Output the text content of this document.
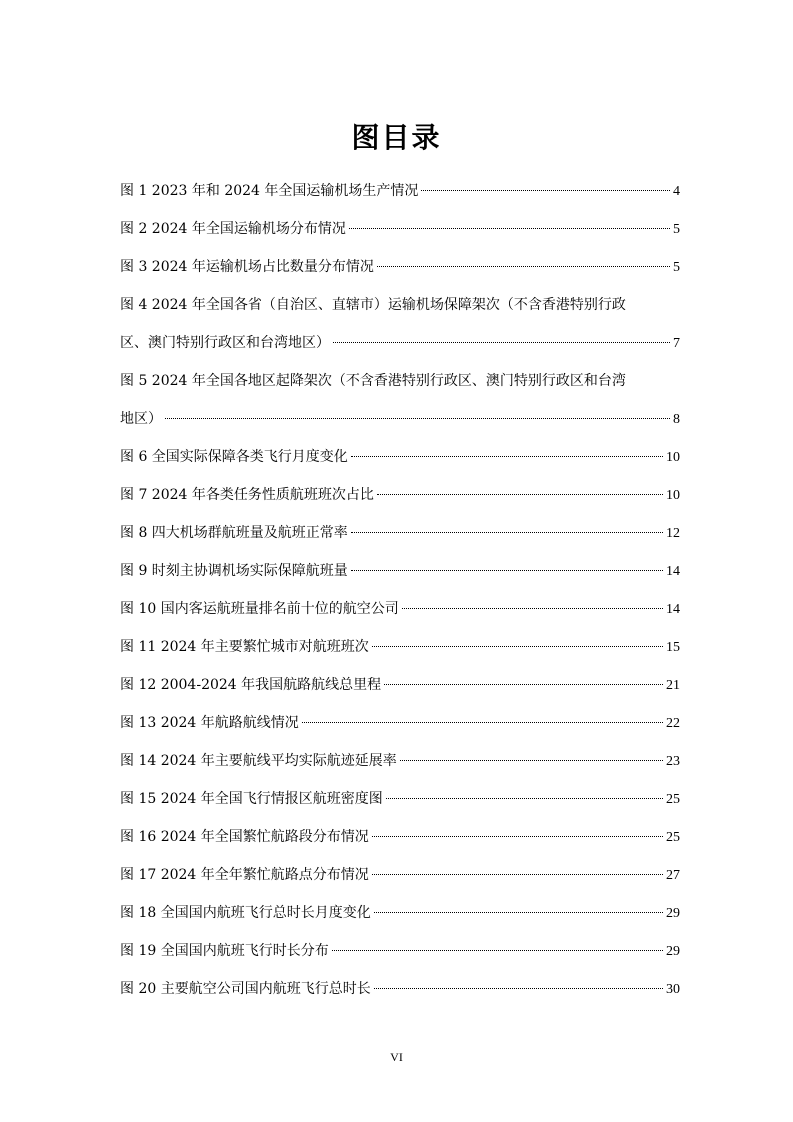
图目录
图 1 2023 年和 2024 年全国运输机场生产情况	4
图 2 2024 年全国运输机场分布情况	5
图 3 2024 年运输机场占比数量分布情况	5
图 4 2024 年全国各省（自治区、直辖市）运输机场保障架次（不含香港特别行政
区、澳门特别行政区和台湾地区）	7
图 5 2024 年全国各地区起降架次（不含香港特别行政区、澳门特别行政区和台湾
地区）	8
图 6 全国实际保障各类飞行月度变化	10
图 7 2024 年各类任务性质航班班次占比	10
图 8 四大机场群航班量及航班正常率	12
图 9 时刻主协调机场实际保障航班量	14
图 10 国内客运航班量排名前十位的航空公司	14
图 11 2024 年主要繁忙城市对航班班次	15
图 12 2004-2024 年我国航路航线总里程	21
图 13 2024 年航路航线情况	22
图 14 2024 年主要航线平均实际航迹延展率	23
图 15 2024 年全国飞行情报区航班密度图	25
图 16 2024 年全国繁忙航路段分布情况	25
图 17 2024 年全年繁忙航路点分布情况	27
图 18 全国国内航班飞行总时长月度变化	29
图 19 全国国内航班飞行时长分布	29
图 20 主要航空公司国内航班飞行总时长	30
VI
